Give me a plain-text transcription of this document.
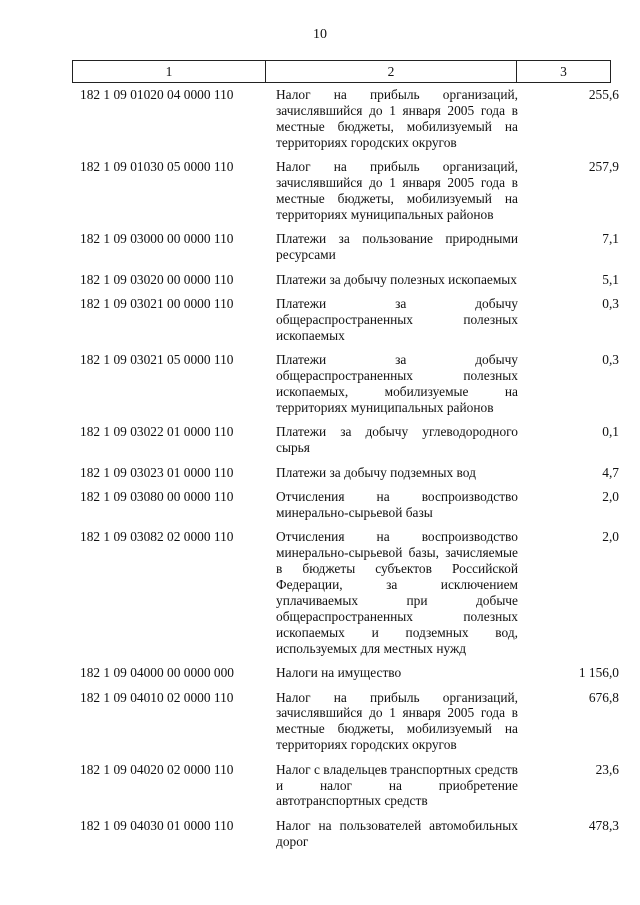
10
1	2	3
182 1 09 01020 04 0000 110	Налог на прибыль организаций, зачислявшийся до 1 января 2005 года в местные бюджеты, мобилизуемый на территориях городских округов	255,6
182 1 09 01030 05 0000 110	Налог на прибыль организаций, зачислявшийся до 1 января 2005 года в местные бюджеты, мобилизуемый на территориях муниципальных районов	257,9
182 1 09 03000 00 0000 110	Платежи за пользование природными ресурсами	7,1
182 1 09 03020 00 0000 110	Платежи за добычу полезных ископаемых	5,1
182 1 09 03021 00 0000 110	Платежи за добычу общераспространенных полезных ископаемых	0,3
182 1 09 03021 05 0000 110	Платежи за добычу общераспространенных полезных ископаемых, мобилизуемые на территориях муниципальных районов	0,3
182 1 09 03022 01 0000 110	Платежи за добычу углеводородного сырья	0,1
182 1 09 03023 01 0000 110	Платежи за добычу подземных вод	4,7
182 1 09 03080 00 0000 110	Отчисления на воспроизводство минерально-сырьевой базы	2,0
182 1 09 03082 02 0000 110	Отчисления на воспроизводство минерально-сырьевой базы, зачисляемые в бюджеты субъектов Российской Федерации, за исключением уплачиваемых при добыче общераспространенных полезных ископаемых и подземных вод, используемых для местных нужд	2,0
182 1 09 04000 00 0000 000	Налоги на имущество	1 156,0
182 1 09 04010 02 0000 110	Налог на прибыль организаций, зачислявшийся до 1 января 2005 года в местные бюджеты, мобилизуемый на территориях городских округов	676,8
182 1 09 04020 02 0000 110	Налог с владельцев транспортных средств и налог на приобретение автотранспортных средств	23,6
182 1 09 04030 01 0000 110	Налог на пользователей автомобильных дорог	478,3
